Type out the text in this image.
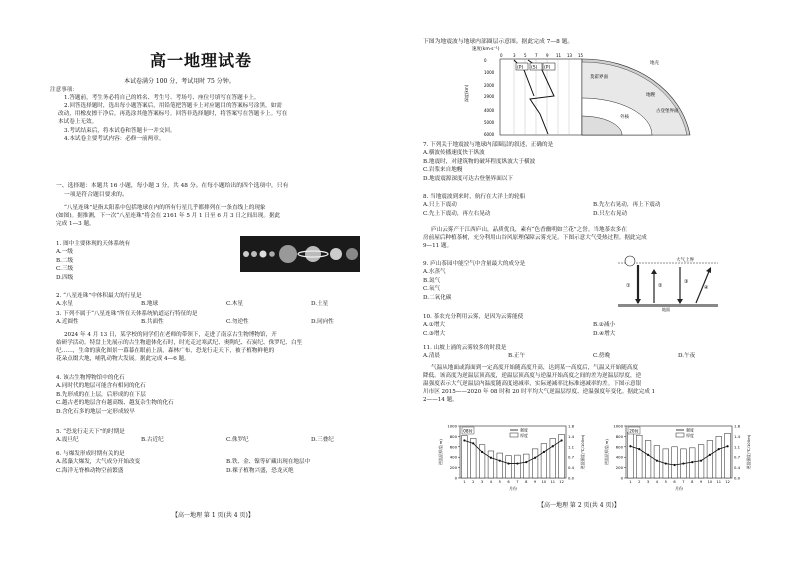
高一地理试卷
本试卷满分 100 分，考试用时 75 分钟。
注意事项：
1.答题前，考生务必将自己的姓名、考生号、考场号、座位号填写在答题卡上。
2.回答选择题时，选出每小题答案后，用铅笔把答题卡上对应题目的答案标号涂黑。如需
改动，用橡皮擦干净后，再选涂其他答案标号。回答非选择题时，将答案写在答题卡上。写在
本试卷上无效。
3.考试结束后，将本试卷和答题卡一并交回。
4.本试卷主要考试内容：必修一前两章。
一、选择题：本题共 16 小题，每小题 3 分，共 48 分。在每小题给出的四个选项中，只有
一项是符合题目要求的。
“八星连珠”是指太阳系中包括地球在内的所有行星几乎都排列在一条直线上的现象
(如图)。据推测，下一次“八星连珠”将会在 2161 年 5 月 1 日至 6 月 3 日之间出现。据此
完成 1—3 题。
1. 图中主要体现的天体系统有
A.一级
B.二级
C.三级
D.四级
2. “八星连珠”中体积最大的行星是
A.水星	B.地球	C.木星	D.土星
3. 下列不属于“八星连珠”所在天体系统轨道运行特征的是
A.近圆性	B.共面性	C.勿逆性	D.同向性
2024 年 4 月 13 日，某学校的同学们在老师的带领下，走进了南京古生物博物馆，开
始研学活动。特盘上先展示的古生物遗体化石时，时光走过寒武纪、奥陶纪、石炭纪、侏罗纪、白垩
纪……，生命的演化图景一幕幕在眼前上演，森林广布，恐龙行走天下，被子植物鲜艳的
花朵点缀大地，哺乳动物大发展。据此完成 4—6 题。
4. 该古生物博物馆中的化石
A.同时代的地层可能含有相同的化石
B.先形成的在上层，后形成的在下层
C.越古老的地层含有越高级、越复杂生物的化石
D.含化石多的地层一定形成较早
5. “恐龙行走天下”的时期是
A.震旦纪	B.古近纪	C.侏罗纪	D.三叠纪
6. 与爆发形成时期有关的是
A.蓝藻大爆发，大气成分开始改变	B.铁、金、镍等矿藏出现在地层中
C.海洋无脊椎动物空前繁盛	D.裸子植物兴盛，恐龙灭绝
【高一地理 第 1 页(共 4 页)】
下图为地震波与地球内部圈层示意图。据此完成 7—8 题。
速度(km·s⁻¹)
0	3 5 7 9 11 13 15
深度(km)
0
1000
2000
2900
4000
5000
6000
(P) (S) (P)
地壳
莫霍界面
地幔
外核
古登堡界面
7. 下列关于地震波与地球内部圈层的叙述，正确的是
A.横波传播速度快于纵波
B.地震时，对建筑物的破坏程度纵波大于横波
C.岩浆来自地幔
D.地震震源深度可达古登堡界面以下
8. 当地震波到来时，航行在大洋上的轮船
A.只上下震动	B.先左右晃动，再上下震动
C.先上下震动，再左右晃动	D.只左右晃动
庐山云雾产于江西庐山，品质优良，素有“色香幽明如兰花”之誉。当地茶农多在
房前屋后种植茶树，充分利用山谷风原理保障云雾充足。下图示意大气受热过程。据此完成
9—11 题。
大气上界
①	②
③
④
地面
9. 庐山茶园中能空气中含量最大的成分是
A.水蒸气
B.氮气
C.氧气
D.二氧化碳
10. 茶农充分利用云雾，是因为云雾能使
A.①增大	B.②减小
C.③增大	D.④增大
11. 山坡上涌的云雾较多的时段是
A.清晨	B.正午	C.傍晚	D.午夜
气温从地面或海面到一定高度开始随高度升高，达到某一高度后，气温又开始随高度
降低。该高度为逆温层顶高度，逆温层顶高度与逆温开始高度之间的差为逆温层厚度，逆
温强度表示大气逆温层内温度随高度递减率，实际递减率比标准递减率的差。下图示意银
川市区 2015——2020 年 08 时和 20 时平均大气逆温层厚度、逆温强度年变化。据此完成 1
2——14 题。
0	0.0
200	0.4
400	0.7
600	1.1
800	1.4
1000	1.8
1 2 3 4 5 6 7 8 9 10 11 12
08时	强度
厚度
月份
逆温层厚度(m)	逆温强度(℃/100m)
0	0.0
200	0.4
400	0.7
600	1.1
800	1.4
1000	1.8
1 2 3 4 5 6 7 8 9 10 11 12
20时	强度
厚度
月份
逆温层厚度(m)	逆温强度(℃/100m)
【高一地理 第 2 页(共 4 页)】
